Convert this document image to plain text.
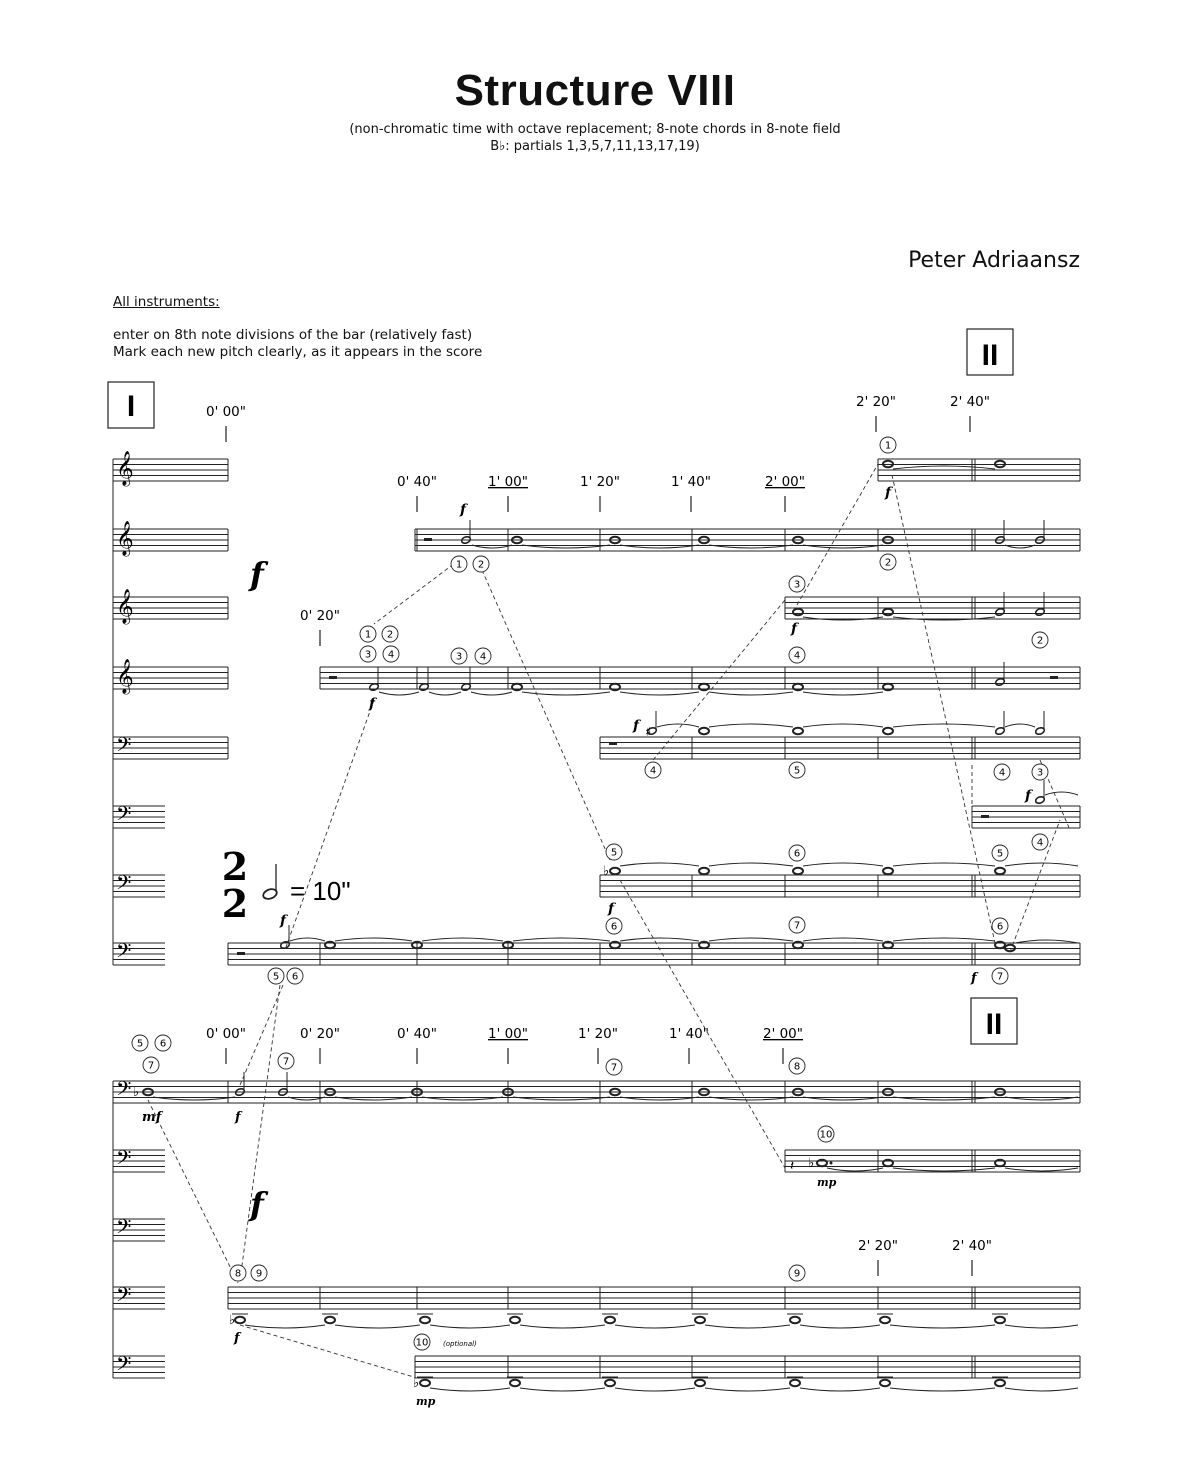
Structure VIII
(non-chromatic time with octave replacement; 8-note chords in 8-note field
B♭: partials 1,3,5,7,11,13,17,19)
Peter Adriaansz
All instruments:
enter on 8th note divisions of the bar (relatively fast)
Mark each new pitch clearly, as it appears in the score
I
II
II
𝄞
𝄞
𝄞
𝄞
𝄢
𝄢
𝄢
𝄢
𝄢
𝄢
𝄢
𝄢
𝄢
0' 00"
0' 20"
0' 40"	1' 00"	1' 20"	1' 40"	2' 00"
2' 20"	2' 40"
0' 00"	0' 20"	0' 40"	1' 00"	1' 20"	1' 40"	2' 00"
2' 20"	2' 40"
1
f
f
1 2	2
3
f
2
1 2
3 4	3 4	4
f
♯
f
4	5	4	3
f
4
♭
5	6	5
f
5 6
6	7	6
f 7
f
f
2
2 = 10"
♭
5 6
7	7
7	8
mf	f
𝄽 ♭
10
mp
f
♭
8 9	9
f
♭
10 (optional)
mp
